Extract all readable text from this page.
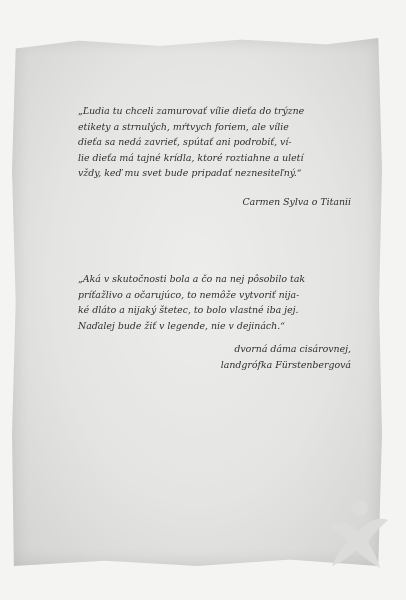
„Ľudia tu chceli zamurovať vílie dieťa do trýzne
etikety a strnulých, mŕtvych foriem, ale vílie
dieťa sa nedá zavrieť, spútať ani podrobiť, ví-
lie dieťa má tajné krídla, ktoré roztiahne a uletí
vždy, keď mu svet bude pripadať neznesiteľný.“
Carmen Sylva o Titanii
„Aká v skutočnosti bola a čo na nej pôsobilo tak
príťažlivo a očarujúco, to nemôže vytvoriť nija-
ké dláto a nijaký štetec, to bolo vlastné iba jej.
Naďalej bude žiť v legende, nie v dejinách.“
dvorná dáma cisárovnej,
landgrófka Fürstenbergová
